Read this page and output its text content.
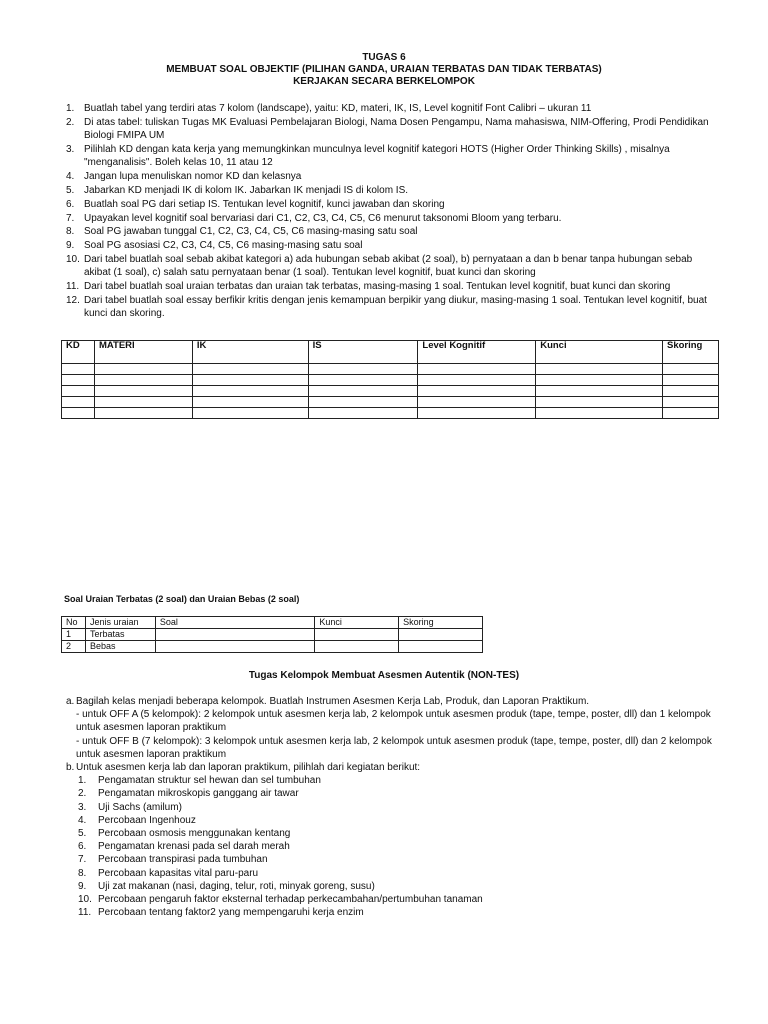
TUGAS 6
MEMBUAT SOAL OBJEKTIF (PILIHAN GANDA, URAIAN TERBATAS DAN TIDAK TERBATAS)
KERJAKAN SECARA BERKELOMPOK
1. Buatlah tabel yang terdiri atas 7 kolom (landscape), yaitu: KD, materi, IK, IS, Level kognitif Font Calibri – ukuran 11
2. Di atas tabel: tuliskan Tugas MK Evaluasi Pembelajaran Biologi, Nama Dosen Pengampu, Nama mahasiswa, NIM-Offering, Prodi Pendidikan Biologi FMIPA UM
3. Pilihlah KD dengan kata kerja yang memungkinkan munculnya level kognitif kategori HOTS (Higher Order Thinking Skills) , misalnya "menganalisis". Boleh kelas 10, 11 atau 12
4. Jangan lupa menuliskan nomor KD dan kelasnya
5. Jabarkan KD menjadi IK di kolom IK. Jabarkan IK menjadi IS di kolom IS.
6. Buatlah soal PG dari setiap IS. Tentukan level kognitif, kunci jawaban dan skoring
7. Upayakan level kognitif soal bervariasi dari C1, C2, C3, C4, C5, C6 menurut taksonomi Bloom yang terbaru.
8. Soal PG jawaban tunggal C1, C2, C3, C4, C5, C6 masing-masing satu soal
9. Soal PG asosiasi C2, C3, C4, C5, C6 masing-masing satu soal
10. Dari tabel buatlah soal sebab akibat kategori a) ada hubungan sebab akibat (2 soal), b) pernyataan a dan b benar tanpa hubungan sebab akibat (1 soal), c) salah satu pernyataan benar (1 soal). Tentukan level kognitif, buat kunci dan skoring
11. Dari tabel buatlah soal uraian terbatas dan uraian tak terbatas, masing-masing 1 soal. Tentukan level kognitif, buat kunci dan skoring
12. Dari tabel buatlah soal essay berfikir kritis dengan jenis kemampuan berpikir yang diukur, masing-masing 1 soal. Tentukan level kognitif, buat kunci dan skoring.
KD	MATERI	IK	IS	Level Kognitif	Kunci	Skoring

Soal Uraian Terbatas (2 soal) dan Uraian Bebas (2 soal)
No	Jenis uraian	Soal	Kunci	Skoring
1	Terbatas			
2	Bebas			
Tugas Kelompok Membuat Asesmen Autentik (NON-TES)
a. Bagilah kelas menjadi beberapa kelompok. Buatlah Instrumen Asesmen Kerja Lab, Produk, dan Laporan Praktikum.
- untuk OFF A (5 kelompok): 2 kelompok untuk asesmen kerja lab, 2 kelompok untuk asesmen produk (tape, tempe, poster, dll) dan 1 kelompok untuk asesmen laporan praktikum
- untuk OFF B (7 kelompok): 3 kelompok untuk asesmen kerja lab, 2 kelompok untuk asesmen produk (tape, tempe, poster, dll) dan 2 kelompok untuk asesmen laporan praktikum
b. Untuk asesmen kerja lab dan laporan praktikum, pilihlah dari kegiatan berikut:
1. Pengamatan struktur sel hewan dan sel tumbuhan
2. Pengamatan mikroskopis ganggang air tawar
3. Uji Sachs (amilum)
4. Percobaan Ingenhouz
5. Percobaan osmosis menggunakan kentang
6. Pengamatan krenasi pada sel darah merah
7. Percobaan transpirasi pada tumbuhan
8. Percobaan kapasitas vital paru-paru
9. Uji zat makanan (nasi, daging, telur, roti, minyak goreng, susu)
10. Percobaan pengaruh faktor eksternal terhadap perkecambahan/pertumbuhan tanaman
11. Percobaan tentang faktor2 yang mempengaruhi kerja enzim
